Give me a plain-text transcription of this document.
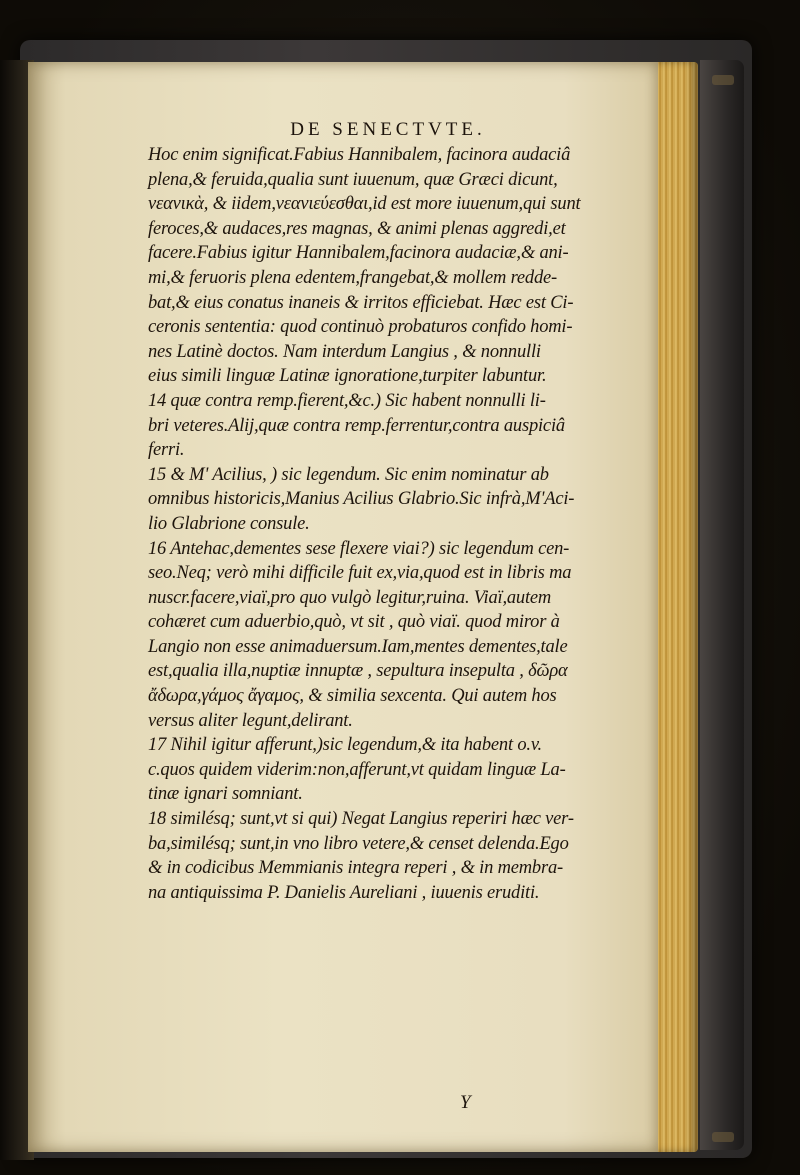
DE SENECTVTE.
Hoc enim significat.Fabius Hannibalem, facinora audaciâ
plena,& feruida,qualia sunt iuuenum, quæ Græci dicunt,
νεανικὰ, & iidem,νεανιεύεσθαι,id est more iuuenum,qui sunt
feroces,& audaces,res magnas, & animi plenas aggredi,et
facere.Fabius igitur Hannibalem,facinora audaciæ,& ani-
mi,& feruoris plena edentem,frangebat,& mollem redde-
bat,& eius conatus inaneis & irritos efficiebat. Hæc est Ci-
ceronis sententia: quod continuò probaturos confido homi-
nes Latinè doctos. Nam interdum Langius , & nonnulli
eius simili linguæ Latinæ ignoratione,turpiter labuntur.
14 quæ contra remp.fierent,&c.) Sic habent nonnulli li-
bri veteres.Alij,quæ contra remp.ferrentur,contra auspiciâ
ferri.
15 & M' Acilius, ) sic legendum. Sic enim nominatur ab
omnibus historicis,Manius Acilius Glabrio.Sic infrà,M'Aci-
lio Glabrione consule.
16 Antehac,dementes sese flexere viai?) sic legendum cen-
seo.Neq; verò mihi difficile fuit ex,via,quod est in libris ma
nuscr.facere,viaï,pro quo vulgò legitur,ruina. Viaï,autem
cohæret cum aduerbio,quò, vt sit , quò viaï. quod miror à
Langio non esse animaduersum.Iam,mentes dementes,tale
est,qualia illa,nuptiæ innuptæ , sepultura insepulta , δῶρα
ἄδωρα,γάμος ἄγαμος, & similia sexcenta. Qui autem hos
versus aliter legunt,delirant.
17 Nihil igitur afferunt,)sic legendum,& ita habent o.v.
c.quos quidem viderim:non,afferunt,vt quidam linguæ La-
tinæ ignari somniant.
18 similésq; sunt,vt si qui) Negat Langius reperiri hæc ver-
ba,similésq; sunt,in vno libro vetere,& censet delenda.Ego
& in codicibus Memmianis integra reperi , & in membra-
na antiquissima P. Danielis Aureliani , iuuenis eruditi.
Y
